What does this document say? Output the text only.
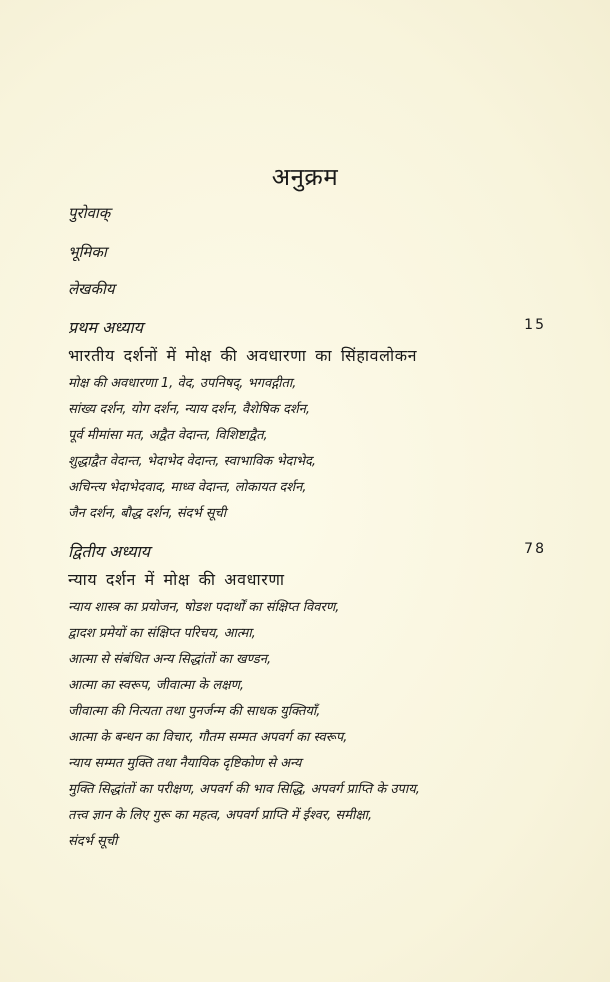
अनुक्रम
पुरोवाक्
भूमिका
लेखकीय
प्रथम अध्याय	15
भारतीय दर्शनों में मोक्ष की अवधारणा का सिंहावलोकन
मोक्ष की अवधारणा 1, वेद, उपनिषद्, भगवद्गीता,
सांख्य दर्शन, योग दर्शन, न्याय दर्शन, वैशेषिक दर्शन,
पूर्व मीमांसा मत, अद्वैत वेदान्त, विशिष्टाद्वैत,
शुद्धाद्वैत वेदान्त, भेदाभेद वेदान्त, स्वाभाविक भेदाभेद,
अचिन्त्य भेदाभेदवाद, माध्व वेदान्त, लोकायत दर्शन,
जैन दर्शन, बौद्ध दर्शन, संदर्भ सूची
द्वितीय अध्याय	78
न्याय दर्शन में मोक्ष की अवधारणा
न्याय शास्त्र का प्रयोजन, षोडश पदार्थों का संक्षिप्त विवरण,
द्वादश प्रमेयों का संक्षिप्त परिचय, आत्मा,
आत्मा से संबंधित अन्य सिद्धांतों का खण्डन,
आत्मा का स्वरूप, जीवात्मा के लक्षण,
जीवात्मा की नित्यता तथा पुनर्जन्म की साधक युक्तियाँ,
आत्मा के बन्धन का विचार, गौतम सम्मत अपवर्ग का स्वरूप,
न्याय सम्मत मुक्ति तथा नैयायिक दृष्टिकोण से अन्य
मुक्ति सिद्धांतों का परीक्षण, अपवर्ग की भाव सिद्धि, अपवर्ग प्राप्ति के उपाय,
तत्त्व ज्ञान के लिए गुरू का महत्व, अपवर्ग प्राप्ति में ईश्वर, समीक्षा,
संदर्भ सूची
